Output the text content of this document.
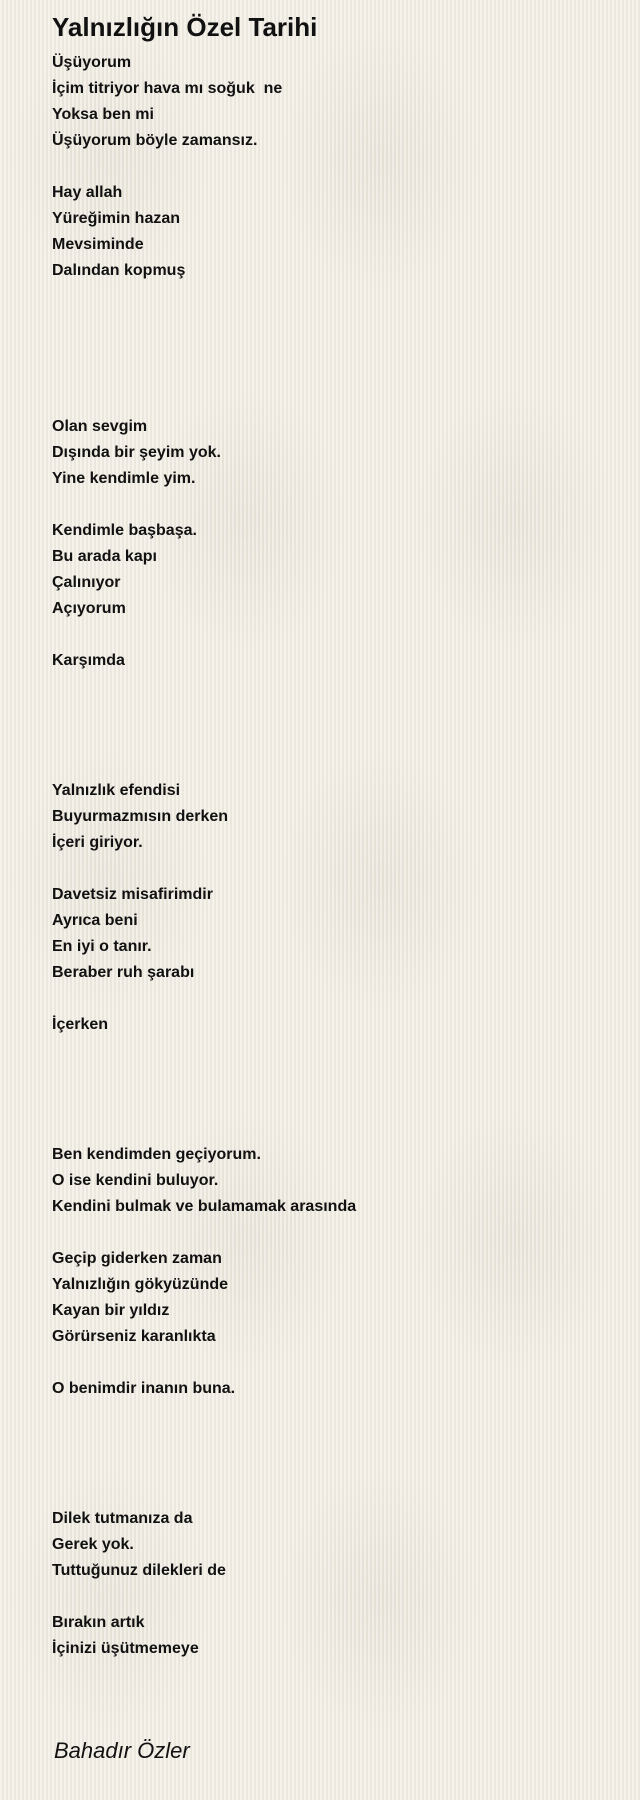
Yalnızlığın Özel Tarihi
Üşüyorum
İçim titriyor hava mı soğuk  ne
Yoksa ben mi
Üşüyorum böyle zamansız.
Hay allah
Yüreğimin hazan
Mevsiminde
Dalından kopmuş
Olan sevgim
Dışında bir şeyim yok.
Yine kendimle yim.
Kendimle başbaşa.
Bu arada kapı
Çalınıyor
Açıyorum
Karşımda
Yalnızlık efendisi
Buyurmazmısın derken
İçeri giriyor.
Davetsiz misafirimdir
Ayrıca beni
En iyi o tanır.
Beraber ruh şarabı
İçerken
Ben kendimden geçiyorum.
O ise kendini buluyor.
Kendini bulmak ve bulamamak arasında
Geçip giderken zaman
Yalnızlığın gökyüzünde
Kayan bir yıldız
Görürseniz karanlıkta
O benimdir inanın buna.
Dilek tutmanıza da
Gerek yok.
Tuttuğunuz dilekleri de
Bırakın artık
İçinizi üşütmemeye
Bahadır Özler
